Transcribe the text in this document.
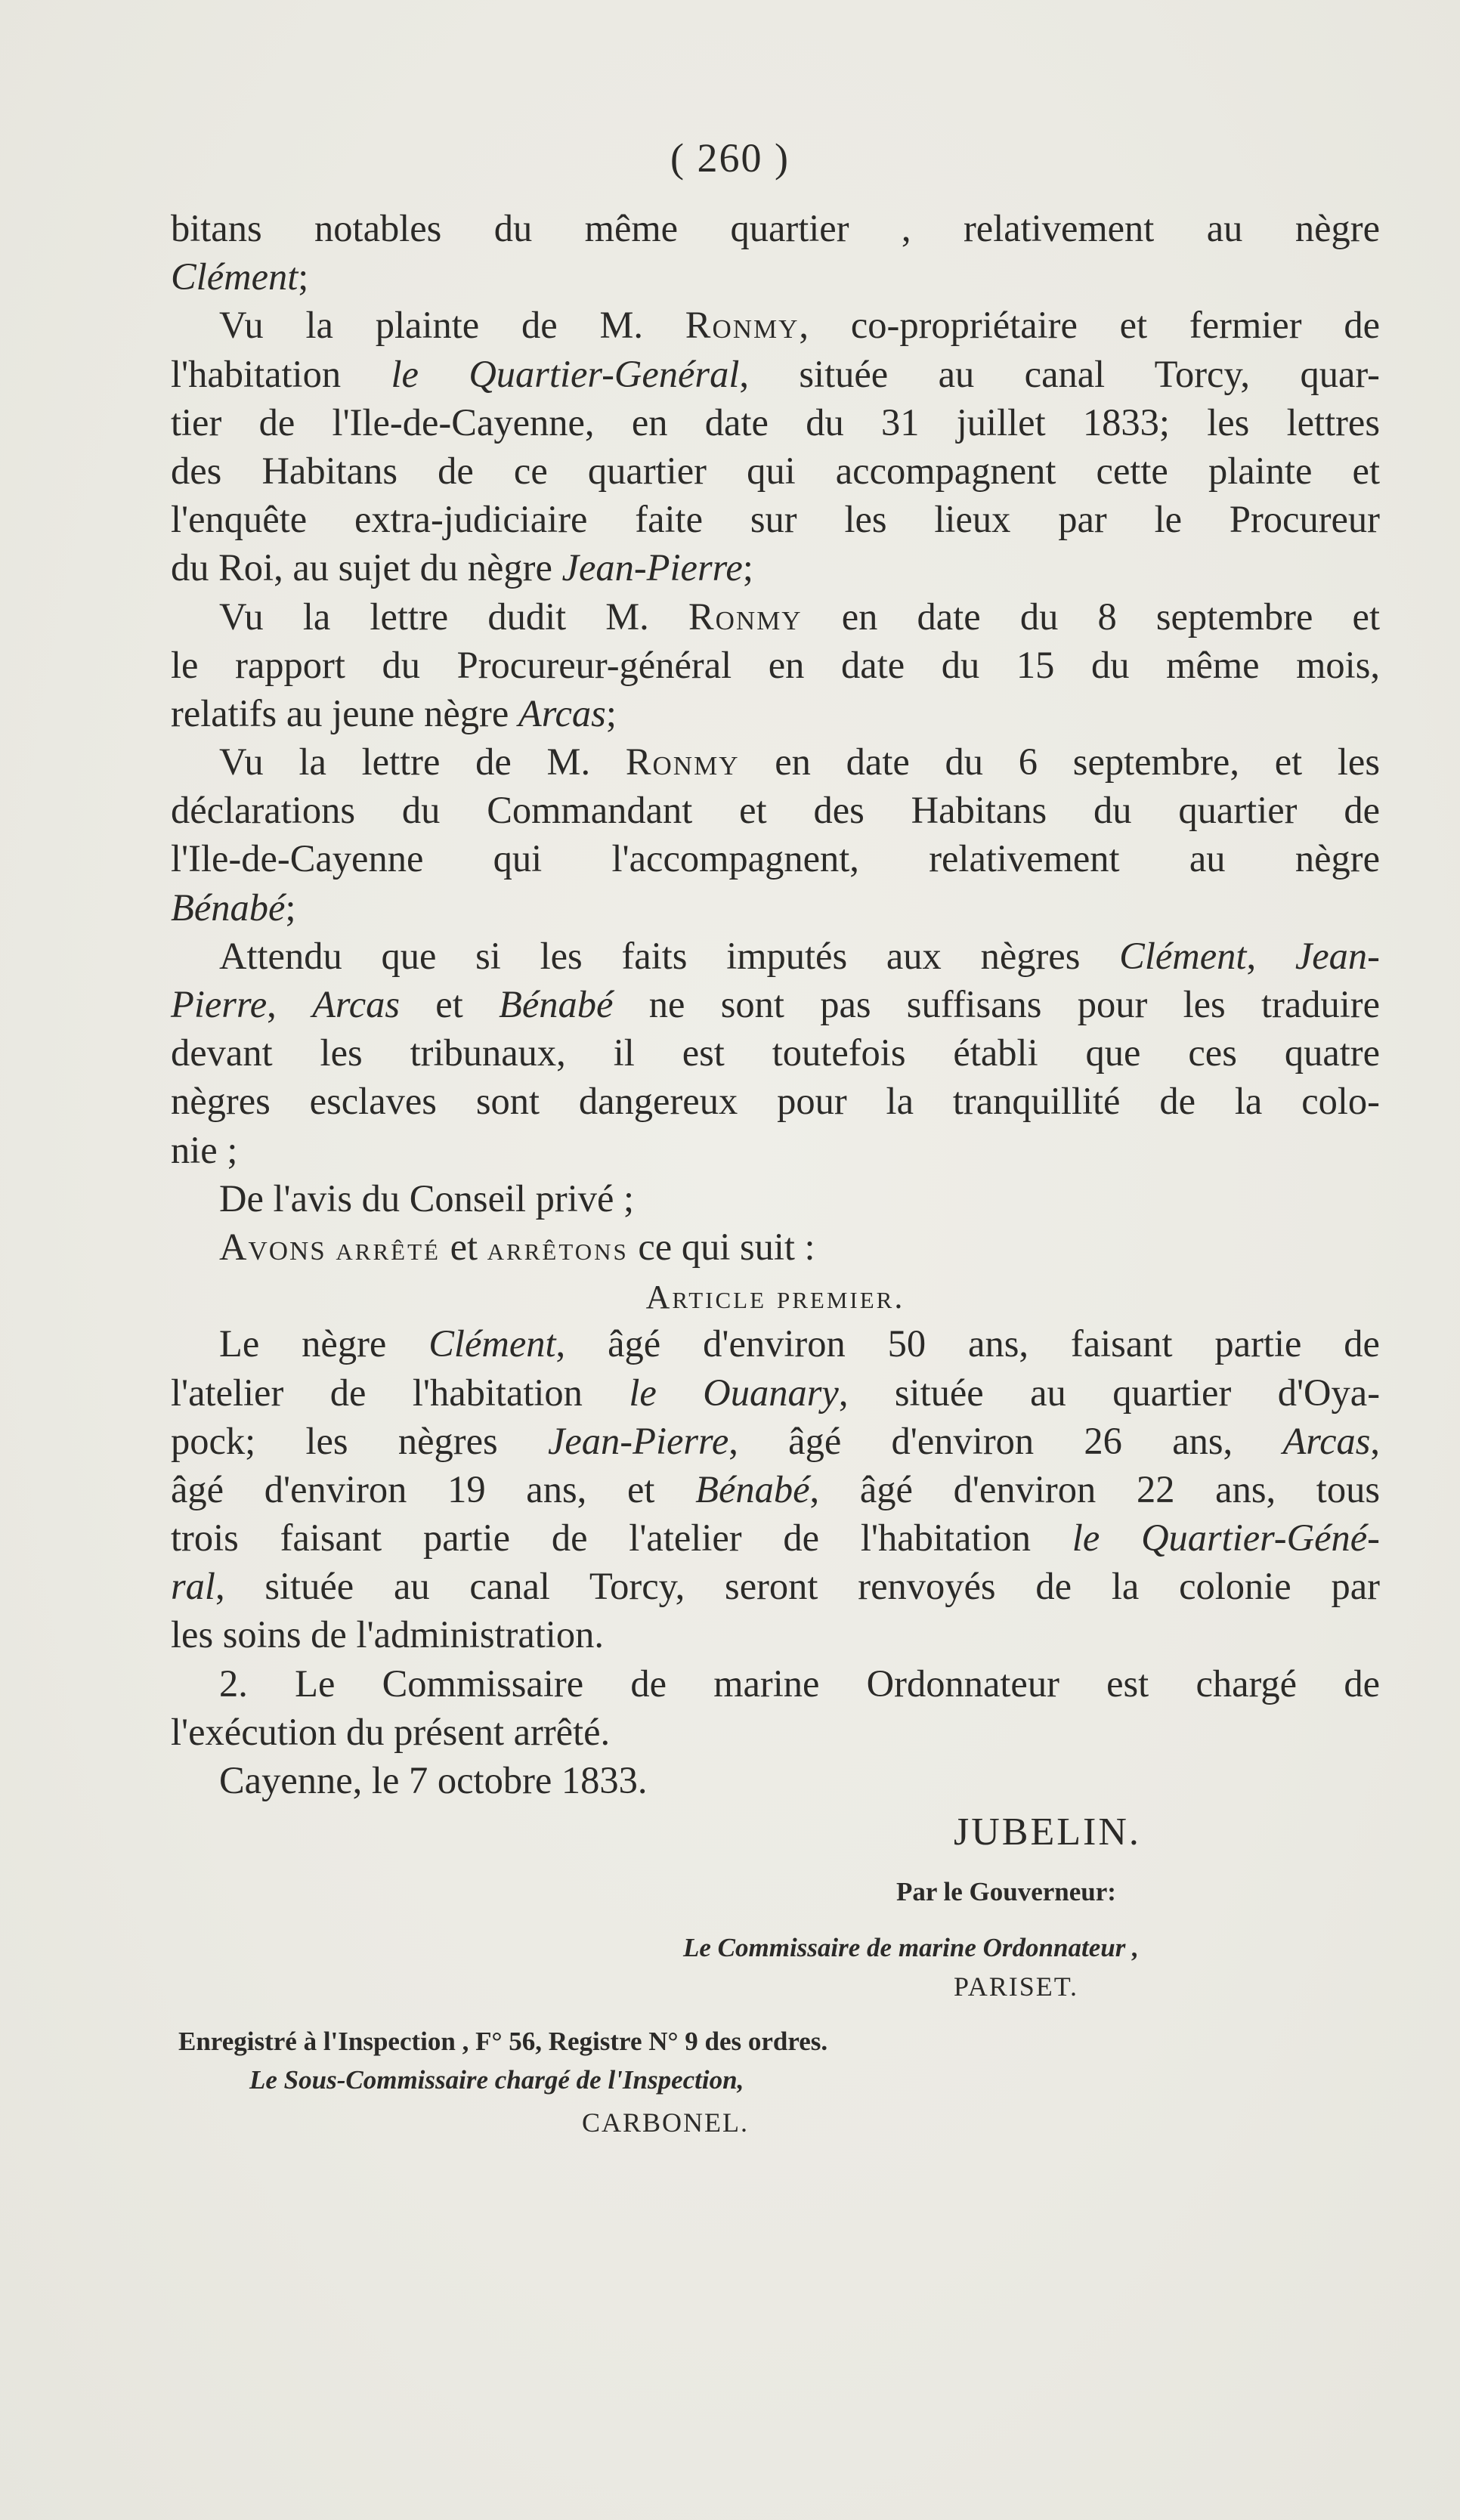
( 260 )
bitans notables du même quartier , relativement au nègre
Clément;
Vu la plainte de M. Ronmy, co-propriétaire et fermier de
l'habitation le Quartier-Genéral, située au canal Torcy, quar-
tier de l'Ile-de-Cayenne, en date du 31 juillet 1833; les lettres
des Habitans de ce quartier qui accompagnent cette plainte et
l'enquête extra-judiciaire faite sur les lieux par le Procureur
du Roi, au sujet du nègre Jean-Pierre;
Vu la lettre dudit M. Ronmy en date du 8 septembre et
le rapport du Procureur-général en date du 15 du même mois,
relatifs au jeune nègre Arcas;
Vu la lettre de M. Ronmy en date du 6 septembre, et les
déclarations du Commandant et des Habitans du quartier de
l'Ile-de-Cayenne qui l'accompagnent, relativement au nègre
Bénabé;
Attendu que si les faits imputés aux nègres Clément, Jean-
Pierre, Arcas et Bénabé ne sont pas suffisans pour les traduire
devant les tribunaux, il est toutefois établi que ces quatre
nègres esclaves sont dangereux pour la tranquillité de la colo-
nie ;
De l'avis du Conseil privé ;
Avons arrêté et arrêtons ce qui suit :
Article premier.
Le nègre Clément, âgé d'environ 50 ans, faisant partie de
l'atelier de l'habitation le Ouanary, située au quartier d'Oya-
pock; les nègres Jean-Pierre, âgé d'environ 26 ans, Arcas,
âgé d'environ 19 ans, et Bénabé, âgé d'environ 22 ans, tous
trois faisant partie de l'atelier de l'habitation le Quartier-Géné-
ral, située au canal Torcy, seront renvoyés de la colonie par
les soins de l'administration.
2. Le Commissaire de marine Ordonnateur est chargé de
l'exécution du présent arrêté.
Cayenne, le 7 octobre 1833.
JUBELIN.
Par le Gouverneur:
Le Commissaire de marine Ordonnateur ,
PARISET.
Enregistré à l'Inspection , F° 56, Registre N° 9 des ordres.
Le Sous-Commissaire chargé de l'Inspection,
CARBONEL.
